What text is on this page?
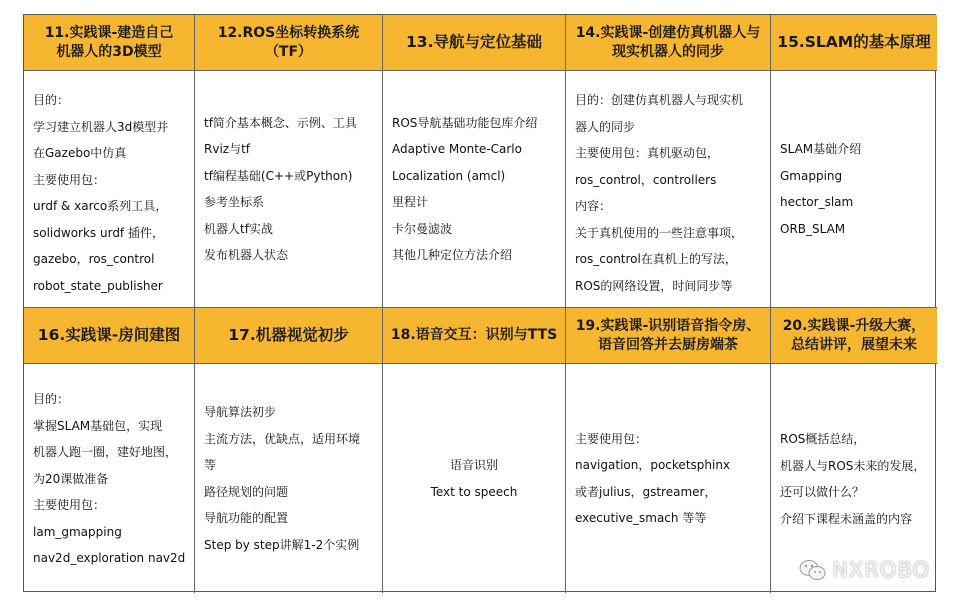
11.实践课-建造自己
机器人的3D模型
12.ROS坐标转换系统（TF）
13.导航与定位基础
14.实践课-创建仿真机器人与
现实机器人的同步
15.SLAM的基本原理
目的：
学习建立机器人3d模型并
在Gazebo中仿真
主要使用包：
urdf & xarco系列工具，
solidworks urdf 插件，
gazebo，ros_control
robot_state_publisher
tf简介基本概念、示例、工具
Rviz与tf
tf编程基础(C++或Python)
参考坐标系
机器人tf实战
发布机器人状态
ROS导航基础功能包库介绍
Adaptive Monte-Carlo
Localization (amcl)
里程计
卡尔曼滤波
其他几种定位方法介绍
目的：创建仿真机器人与现实机
器人的同步
主要使用包：真机驱动包，
ros_control，controllers
内容：
关于真机使用的一些注意事项，
ros_control在真机上的写法，
ROS的网络设置，时间同步等
SLAM基础介绍
Gmapping
hector_slam
ORB_SLAM
16.实践课-房间建图	17.机器视觉初步	18.语音交互：识别与TTS
19.实践课-识别语音指令房、
语音回答并去厨房端茶
20.实践课-升级大赛，
总结讲评，展望未来
目的：
掌握SLAM基础包，实现
机器人跑一圈，建好地图，
为20课做准备
主要使用包：
lam_gmapping
nav2d_exploration nav2d
导航算法初步
主流方法，优缺点，适用环境
等
路径规划的问题
导航功能的配置
Step by step讲解1-2个实例
语音识别
Text to speech
主要使用包：
navigation，pocketsphinx
或者julius，gstreamer，
executive_smach 等等
ROS概括总结，
机器人与ROS未来的发展，
还可以做什么？
介绍下课程未涵盖的内容
NXROBO
